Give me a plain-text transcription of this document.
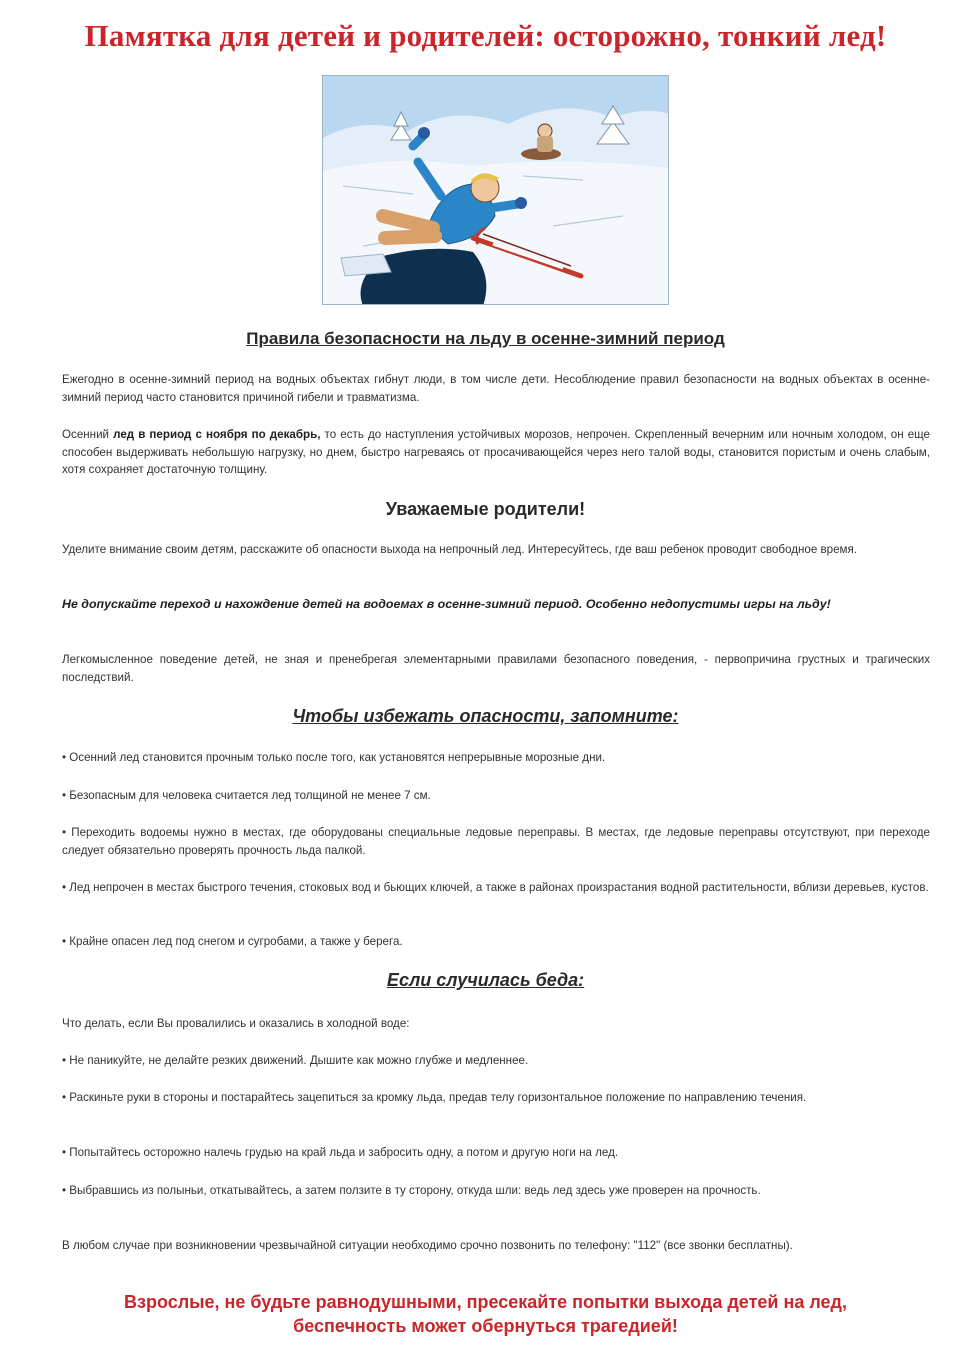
Памятка для детей и родителей: осторожно, тонкий лед!
Правила безопасности на льду в осенне-зимний период

Ежегодно в осенне-зимний период на водных объектах гибнут люди, в том числе дети. Несоблюдение правил безопасности на водных объектах в осенне-зимний период часто становится причиной гибели и травматизма.

Осенний лед в период с ноября по декабрь, то есть до наступления устойчивых морозов, непрочен. Скрепленный вечерним или ночным холодом, он еще способен выдерживать небольшую нагрузку, но днем, быстро нагреваясь от просачивающейся через него талой воды, становится пористым и очень слабым, хотя сохраняет достаточную толщину.

Уважаемые родители!

Уделите внимание своим детям, расскажите об опасности выхода на непрочный лед. Интересуйтесь, где ваш ребенок проводит свободное время.

Не допускайте переход и нахождение детей на водоемах в осенне-зимний период. Особенно недопустимы игры на льду!

Легкомысленное поведение детей, не зная и пренебрегая элементарными правилами безопасного поведения, - первопричина грустных и трагических последствий.

Чтобы избежать опасности, запомните:

• Осенний лед становится прочным только после того, как установятся непрерывные морозные дни.

• Безопасным для человека считается лед толщиной не менее 7 см.

• Переходить водоемы нужно в местах, где оборудованы специальные ледовые переправы. В местах, где ледовые переправы отсутствуют, при переходе следует обязательно проверять прочность льда палкой.

• Лед непрочен в местах быстрого течения, стоковых вод и бьющих ключей, а также в районах произрастания водной растительности, вблизи деревьев, кустов.

• Крайне опасен лед под снегом и сугробами, а также у берега.

Если случилась беда:

Что делать, если Вы провалились и оказались в холодной воде:

• Не паникуйте, не делайте резких движений. Дышите как можно глубже и медленнее.

• Раскиньте руки в стороны и постарайтесь зацепиться за кромку льда, предав телу горизонтальное положение по направлению течения.

• Попытайтесь осторожно налечь грудью на край льда и забросить одну, а потом и другую ноги на лед.

• Выбравшись из полыньи, откатывайтесь, а затем ползите в ту сторону, откуда шли: ведь лед здесь уже проверен на прочность.

В любом случае при возникновении чрезвычайной ситуации необходимо срочно позвонить по телефону: "112" (все звонки бесплатны).

Взрослые, не будьте равнодушными, пресекайте попытки выхода детей на лед,
беспечность может обернуться трагедией!
